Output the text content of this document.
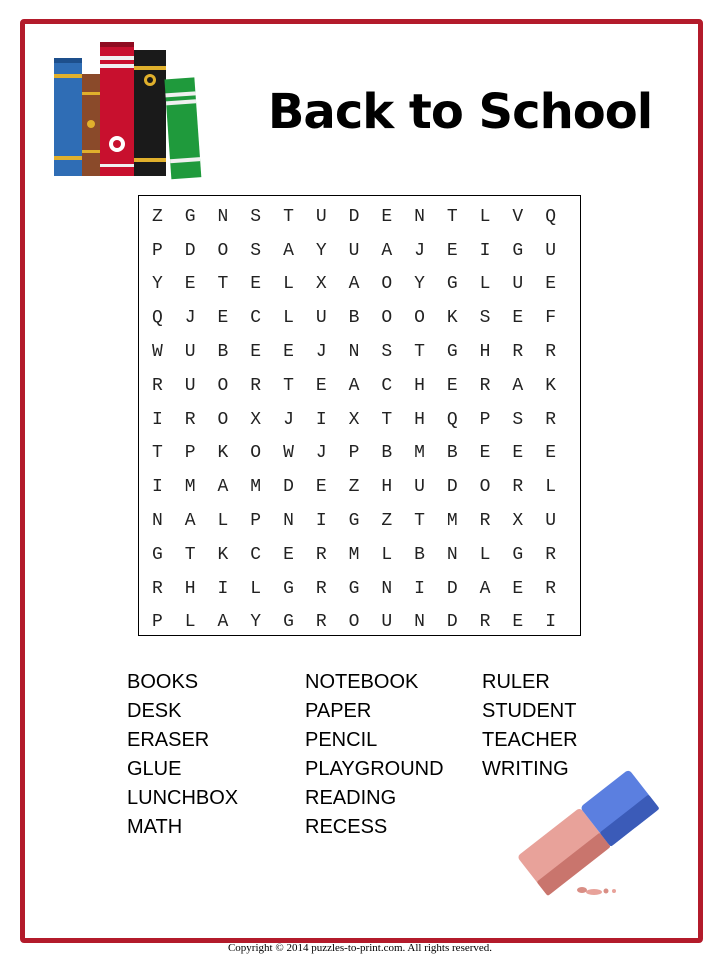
Back to School
Z	G	N	S	T	U	D	E	N	T	L	V	Q
P	D	O	S	A	Y	U	A	J	E	I	G	U
Y	E	T	E	L	X	A	O	Y	G	L	U	E
Q	J	E	C	L	U	B	O	O	K	S	E	F
W	U	B	E	E	J	N	S	T	G	H	R	R
R	U	O	R	T	E	A	C	H	E	R	A	K
I	R	O	X	J	I	X	T	H	Q	P	S	R
T	P	K	O	W	J	P	B	M	B	E	E	E
I	M	A	M	D	E	Z	H	U	D	O	R	L
N	A	L	P	N	I	G	Z	T	M	R	X	U
G	T	K	C	E	R	M	L	B	N	L	G	R
R	H	I	L	G	R	G	N	I	D	A	E	R
P	L	A	Y	G	R	O	U	N	D	R	E	I
BOOKS
DESK
ERASER
GLUE
LUNCHBOX
MATH
NOTEBOOK
PAPER
PENCIL
PLAYGROUND
READING
RECESS
RULER
STUDENT
TEACHER
WRITING
Copyright © 2014 puzzles-to-print.com. All rights reserved.
